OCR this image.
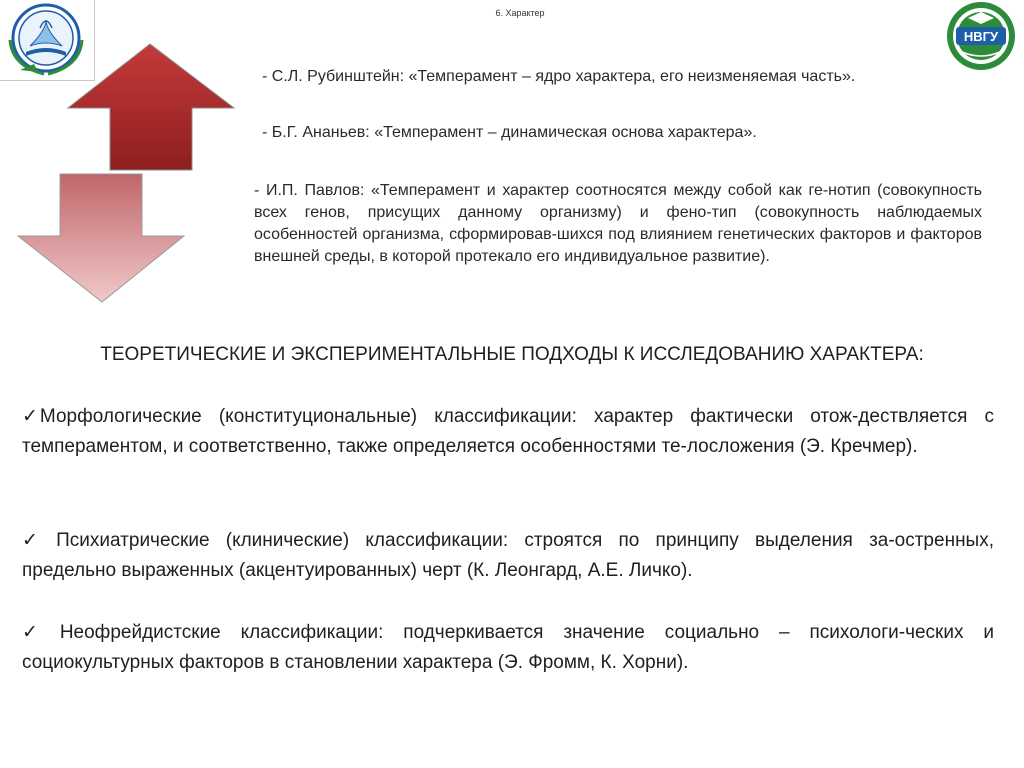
6. Характер
НВГУ
- С.Л. Рубинштейн: «Темперамент – ядро характера, его неизменяемая часть».
- Б.Г. Ананьев: «Темперамент – динамическая основа характера».
- И.П. Павлов: «Темперамент и характер соотносятся между собой как ге-нотип (совокупность всех генов, присущих данному организму) и фено-тип (совокупность наблюдаемых особенностей организма, сформировав-шихся под влиянием генетических факторов и факторов внешней среды, в которой протекало его индивидуальное развитие).
ТЕОРЕТИЧЕСКИЕ И ЭКСПЕРИМЕНТАЛЬНЫЕ ПОДХОДЫ К ИССЛЕДОВАНИЮ ХАРАКТЕРА:
✓ Морфологические (конституциональные) классификации: характер фактически отож-дествляется с темпераментом, и соответственно, также определяется особенностями те-лосложения (Э. Кречмер).
✓ Психиатрические (клинические) классификации: строятся по принципу выделения за-остренных, предельно выраженных (акцентуированных) черт (К. Леонгард, А.Е. Личко).
✓ Неофрейдистские классификации: подчеркивается значение социально – психологи-ческих и социокультурных факторов в становлении характера (Э. Фромм, К. Хорни).
